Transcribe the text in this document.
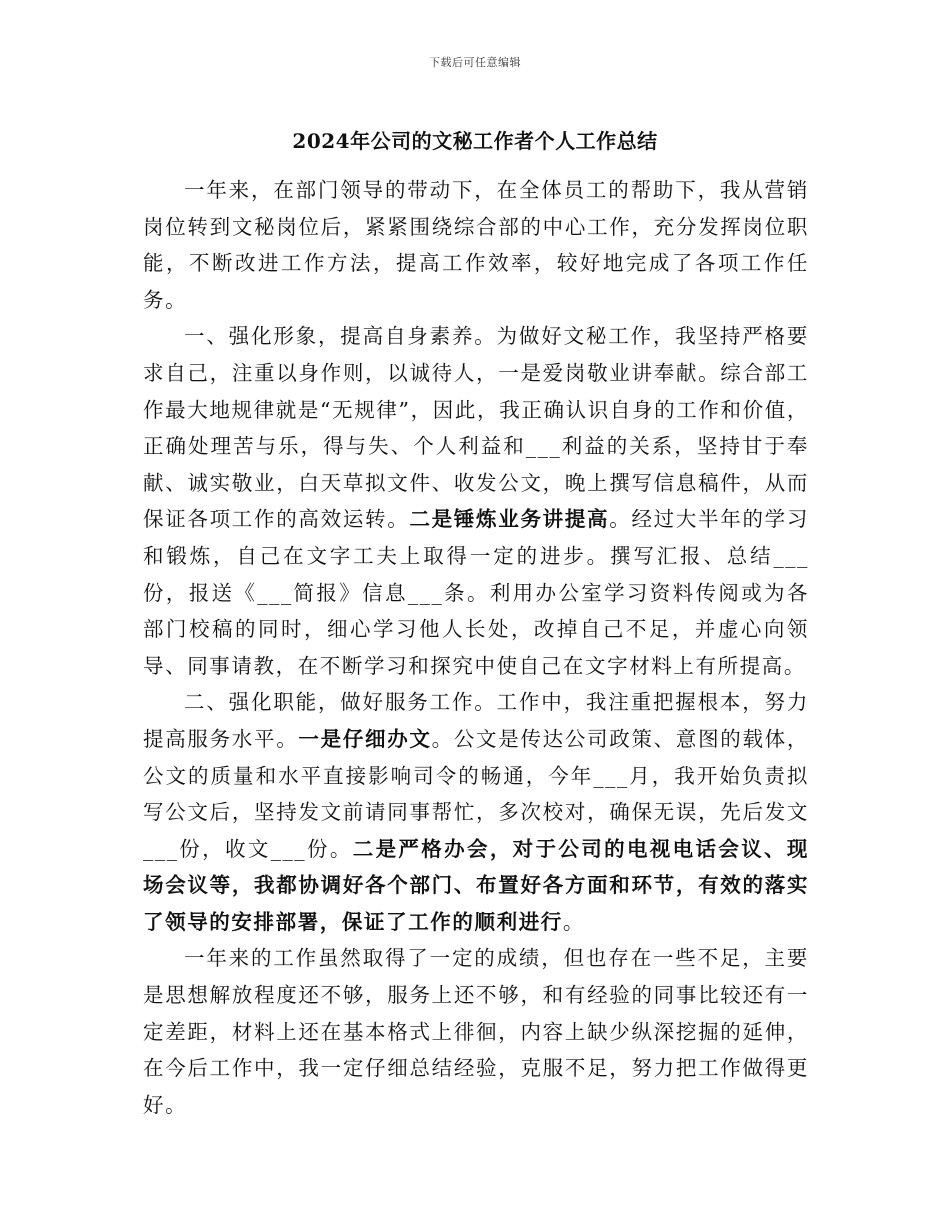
下载后可任意编辑
2024年公司的文秘工作者个人工作总结

一年来，在部门领导的带动下，在全体员工的帮助下，我从营销岗位转到文秘岗位后，紧紧围绕综合部的中心工作，充分发挥岗位职能，不断改进工作方法，提高工作效率，较好地完成了各项工作任务。

一、强化形象，提高自身素养。为做好文秘工作，我坚持严格要求自己，注重以身作则，以诚待人，一是爱岗敬业讲奉献。综合部工作最大地规律就是“无规律”，因此，我正确认识自身的工作和价值，正确处理苦与乐，得与失、个人利益和___利益的关系，坚持甘于奉献、诚实敬业，白天草拟文件、收发公文，晚上撰写信息稿件，从而保证各项工作的高效运转。二是锤炼业务讲提高。经过大半年的学习和锻炼，自己在文字工夫上取得一定的进步。撰写汇报、总结___份，报送《___简报》信息___条。利用办公室学习资料传阅或为各部门校稿的同时，细心学习他人长处，改掉自己不足，并虚心向领导、同事请教，在不断学习和探究中使自己在文字材料上有所提高。

二、强化职能，做好服务工作。工作中，我注重把握根本，努力提高服务水平。一是仔细办文。公文是传达公司政策、意图的载体，公文的质量和水平直接影响司令的畅通，今年___月，我开始负责拟写公文后，坚持发文前请同事帮忙，多次校对，确保无误，先后发文___份，收文___份。二是严格办会，对于公司的电视电话会议、现场会议等，我都协调好各个部门、布置好各方面和环节，有效的落实了领导的安排部署，保证了工作的顺利进行。

一年来的工作虽然取得了一定的成绩，但也存在一些不足，主要是思想解放程度还不够，服务上还不够，和有经验的同事比较还有一定差距，材料上还在基本格式上徘徊，内容上缺少纵深挖掘的延伸，在今后工作中，我一定仔细总结经验，克服不足，努力把工作做得更好。
